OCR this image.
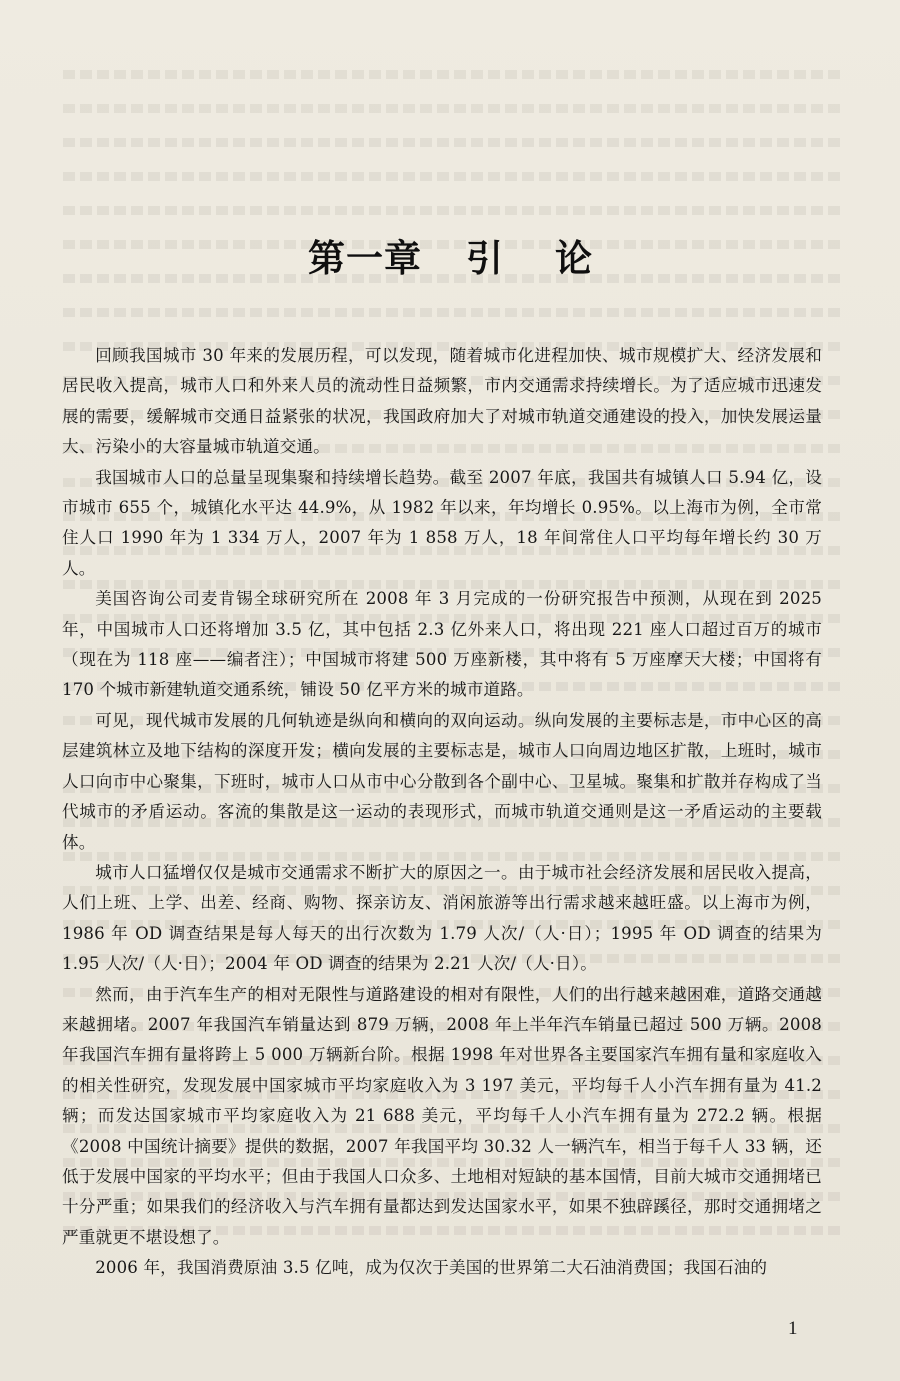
第一章 引论

回顾我国城市 30 年来的发展历程，可以发现，随着城市化进程加快、城市规模扩大、经济发展和居民收入提高，城市人口和外来人员的流动性日益频繁，市内交通需求持续增长。为了适应城市迅速发展的需要，缓解城市交通日益紧张的状况，我国政府加大了对城市轨道交通建设的投入，加快发展运量大、污染小的大容量城市轨道交通。

我国城市人口的总量呈现集聚和持续增长趋势。截至 2007 年底，我国共有城镇人口 5.94 亿，设市城市 655 个，城镇化水平达 44.9%，从 1982 年以来，年均增长 0.95%。以上海市为例，全市常住人口 1990 年为 1 334 万人，2007 年为 1 858 万人，18 年间常住人口平均每年增长约 30 万人。

美国咨询公司麦肯锡全球研究所在 2008 年 3 月完成的一份研究报告中预测，从现在到 2025 年，中国城市人口还将增加 3.5 亿，其中包括 2.3 亿外来人口，将出现 221 座人口超过百万的城市（现在为 118 座——编者注）；中国城市将建 500 万座新楼，其中将有 5 万座摩天大楼；中国将有 170 个城市新建轨道交通系统，铺设 50 亿平方米的城市道路。

可见，现代城市发展的几何轨迹是纵向和横向的双向运动。纵向发展的主要标志是，市中心区的高层建筑林立及地下结构的深度开发；横向发展的主要标志是，城市人口向周边地区扩散，上班时，城市人口向市中心聚集，下班时，城市人口从市中心分散到各个副中心、卫星城。聚集和扩散并存构成了当代城市的矛盾运动。客流的集散是这一运动的表现形式，而城市轨道交通则是这一矛盾运动的主要载体。

城市人口猛增仅仅是城市交通需求不断扩大的原因之一。由于城市社会经济发展和居民收入提高，人们上班、上学、出差、经商、购物、探亲访友、消闲旅游等出行需求越来越旺盛。以上海市为例，1986 年 OD 调查结果是每人每天的出行次数为 1.79 人次/（人·日）；1995 年 OD 调查的结果为 1.95 人次/（人·日）；2004 年 OD 调查的结果为 2.21 人次/（人·日）。

然而，由于汽车生产的相对无限性与道路建设的相对有限性，人们的出行越来越困难，道路交通越来越拥堵。2007 年我国汽车销量达到 879 万辆，2008 年上半年汽车销量已超过 500 万辆。2008 年我国汽车拥有量将跨上 5 000 万辆新台阶。根据 1998 年对世界各主要国家汽车拥有量和家庭收入的相关性研究，发现发展中国家城市平均家庭收入为 3 197 美元，平均每千人小汽车拥有量为 41.2 辆；而发达国家城市平均家庭收入为 21 688 美元，平均每千人小汽车拥有量为 272.2 辆。根据《2008 中国统计摘要》提供的数据，2007 年我国平均 30.32 人一辆汽车，相当于每千人 33 辆，还低于发展中国家的平均水平；但由于我国人口众多、土地相对短缺的基本国情，目前大城市交通拥堵已十分严重；如果我们的经济收入与汽车拥有量都达到发达国家水平，如果不独辟蹊径，那时交通拥堵之严重就更不堪设想了。

2006 年，我国消费原油 3.5 亿吨，成为仅次于美国的世界第二大石油消费国；我国石油的

1
